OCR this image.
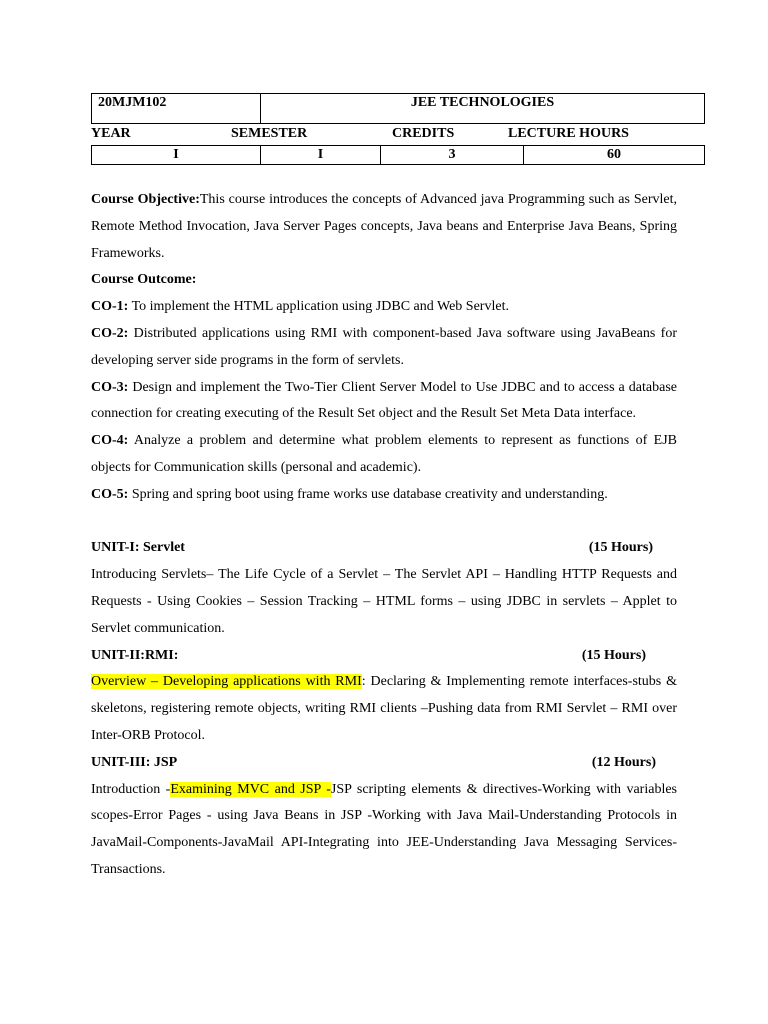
20MJM102	JEE TECHNOLOGIES
YEAR	SEMESTER	CREDITS	LECTURE HOURS
I	I	3	60

Course Objective:This course introduces the concepts of Advanced java Programming such as Servlet, Remote Method Invocation, Java Server Pages concepts, Java beans and Enterprise Java Beans, Spring Frameworks.

Course Outcome:

CO-1: To implement the HTML application using JDBC and Web Servlet.

CO-2: Distributed applications using RMI with component-based Java software using JavaBeans for developing server side programs in the form of servlets.

CO-3: Design and implement the Two-Tier Client Server Model to Use JDBC and to access a database connection for creating executing of the Result Set object and the Result Set Meta Data interface.

CO-4: Analyze a problem and determine what problem elements to represent as functions of EJB objects for Communication skills (personal and academic).

CO-5: Spring and spring boot using frame works use database creativity and understanding.

UNIT-I: Servlet	(15 Hours)

Introducing Servlets– The Life Cycle of a Servlet – The Servlet API – Handling HTTP Requests and Requests - Using Cookies – Session Tracking – HTML forms – using JDBC in servlets – Applet to Servlet communication.

UNIT-II:RMI:	(15 Hours)

Overview – Developing applications with RMI: Declaring & Implementing remote interfaces-stubs & skeletons, registering remote objects, writing RMI clients –Pushing data from RMI Servlet – RMI over Inter-ORB Protocol.

UNIT-III: JSP	(12 Hours)

Introduction -Examining MVC and JSP -JSP scripting elements & directives-Working with variables scopes-Error Pages - using Java Beans in JSP -Working with Java Mail-Understanding Protocols in JavaMail-Components-JavaMail API-Integrating into JEE-Understanding Java Messaging Services-Transactions.
